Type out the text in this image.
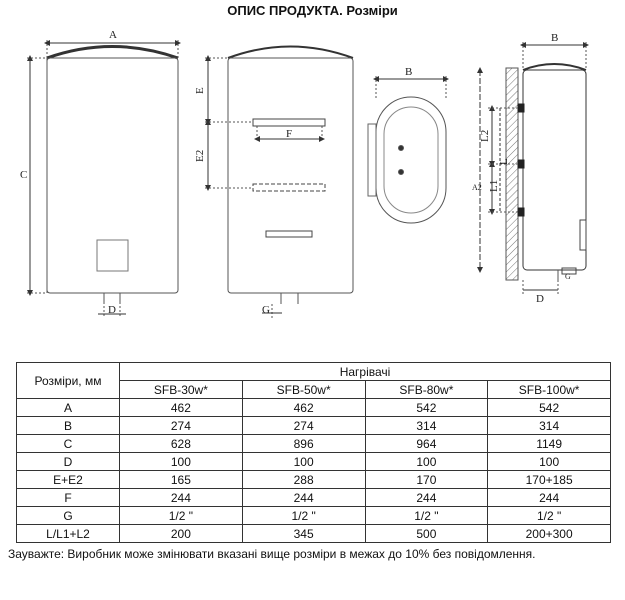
ОПИС ПРОДУКТА. Розміри
A
C
D
F
E
E2
G
B
B
L2
L1
L
A2
D
G
Розміри, мм	Нагрівачі			
	SFB-30w*	SFB-50w*	SFB-80w*	SFB-100w*
A	462	462	542	542
B	274	274	314	314
C	628	896	964	1149
D	100	100	100	100
E+E2	165	288	170	170+185
F	244	244	244	244
G	1/2 "	1/2 "	1/2 "	1/2 "
L/L1+L2	200	345	500	200+300
Зауважте: Виробник може змінювати вказані вище розміри в межах до 10% без повідомлення.
